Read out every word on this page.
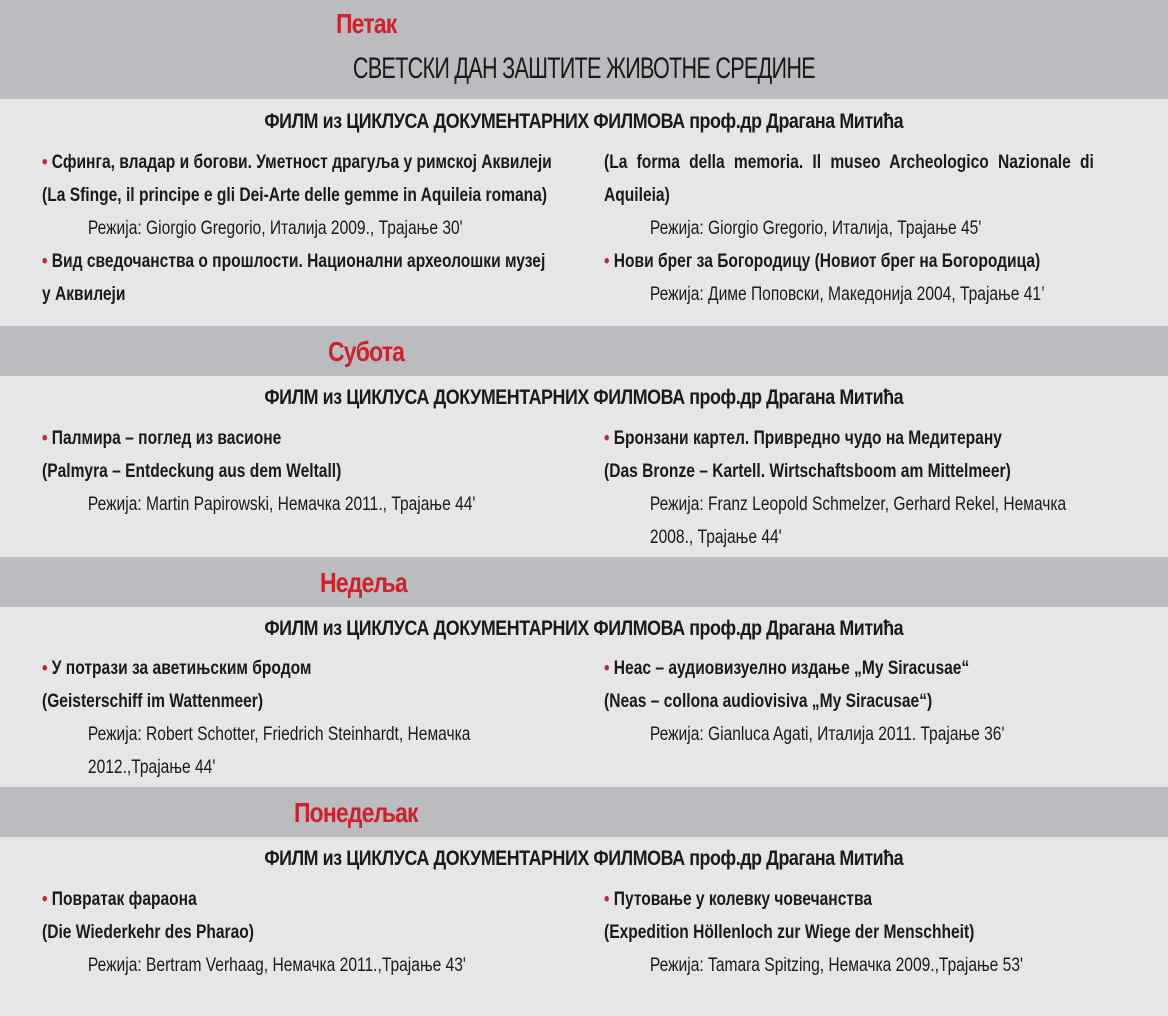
Петак
СВЕТСКИ ДАН ЗАШТИТЕ ЖИВОТНЕ СРЕДИНЕ
ФИЛМ из ЦИКЛУСА ДОКУМЕНТАРНИХ ФИЛМОВА проф.др Драгана Митића
• Сфинга, владар и богови. Уметност драгуља у римској Аквилеји
(La Sfinge, il principe e gli Dei-Arte delle gemme in Aquileia romana)
Режија: Giorgio Gregorio, Италија 2009., Трајање 30'
• Вид сведочанства о прошлости. Национални археолошки музеј
у Аквилеји
(La forma della memoria. Il museo Archeologico Nazionale di
Aquileia)
Режија: Giorgio Gregorio, Италија, Трајање 45'
• Нови брег за Богородицу (Новиот брег на Богородица)
Режија: Диме Поповски, Македонија 2004, Трајање 41’
Субота
ФИЛМ из ЦИКЛУСА ДОКУМЕНТАРНИХ ФИЛМОВА проф.др Драгана Митића
• Палмира – поглед из васионе
(Palmyra – Entdeckung aus dem Weltall)
Режија: Martin Papirowski, Немачка 2011., Трајање 44'
• Бронзани картел. Привредно чудо на Медитерану
(Das Bronze – Kartell. Wirtschaftsboom am Mittelmeer)
Режија: Franz Leopold Schmelzer, Gerhard Rekel, Немачка
2008., Трајање 44'
Недеља
ФИЛМ из ЦИКЛУСА ДОКУМЕНТАРНИХ ФИЛМОВА проф.др Драгана Митића
• У потрази за аветињским бродом
(Geisterschiff im Wattenmeer)
Режија: Robert Schotter, Friedrich Steinhardt, Немачка
2012.,Трајање 44'
• Неас – аудиовизуелно издање „My Siracusae“
(Neas – collona audiovisiva „My Siracusae“)
Режија: Gianluca Agati, Италија 2011. Трајање 36'
Понедељак
ФИЛМ из ЦИКЛУСА ДОКУМЕНТАРНИХ ФИЛМОВА проф.др Драгана Митића
• Повратак фараона
(Die Wiederkehr des Pharao)
Режија: Bertram Verhaag, Немачка 2011.,Трајање 43'
• Путовање у колевку човечанства
(Expedition Höllenloch zur Wiege der Menschheit)
Режија: Tamara Spitzing, Немачка 2009.,Трајање 53'
